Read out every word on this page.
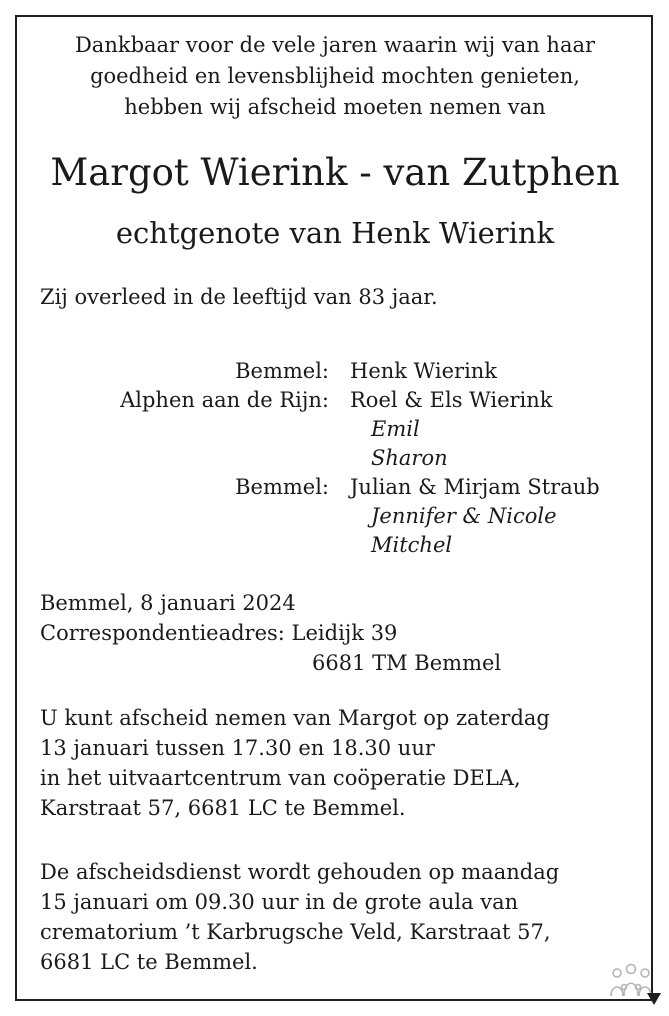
Dankbaar voor de vele jaren waarin wij van haar
goedheid en levensblijheid mochten genieten,
hebben wij afscheid moeten nemen van
Margot Wierink - van Zutphen
echtgenote van Henk Wierink
Zij overleed in de leeftijd van 83 jaar.
Bemmel: Henk Wierink
Alphen aan de Rijn: Roel & Els Wierink
Emil
Sharon
Bemmel: Julian & Mirjam Straub
Jennifer & Nicole
Mitchel
Bemmel, 8 januari 2024
Correspondentieadres: Leidijk 39
6681 TM Bemmel
U kunt afscheid nemen van Margot op zaterdag
13 januari tussen 17.30 en 18.30 uur
in het uitvaartcentrum van coöperatie DELA,
Karstraat 57, 6681 LC te Bemmel.
De afscheidsdienst wordt gehouden op maandag
15 januari om 09.30 uur in de grote aula van
crematorium ’t Karbrugsche Veld, Karstraat 57,
6681 LC te Bemmel.
